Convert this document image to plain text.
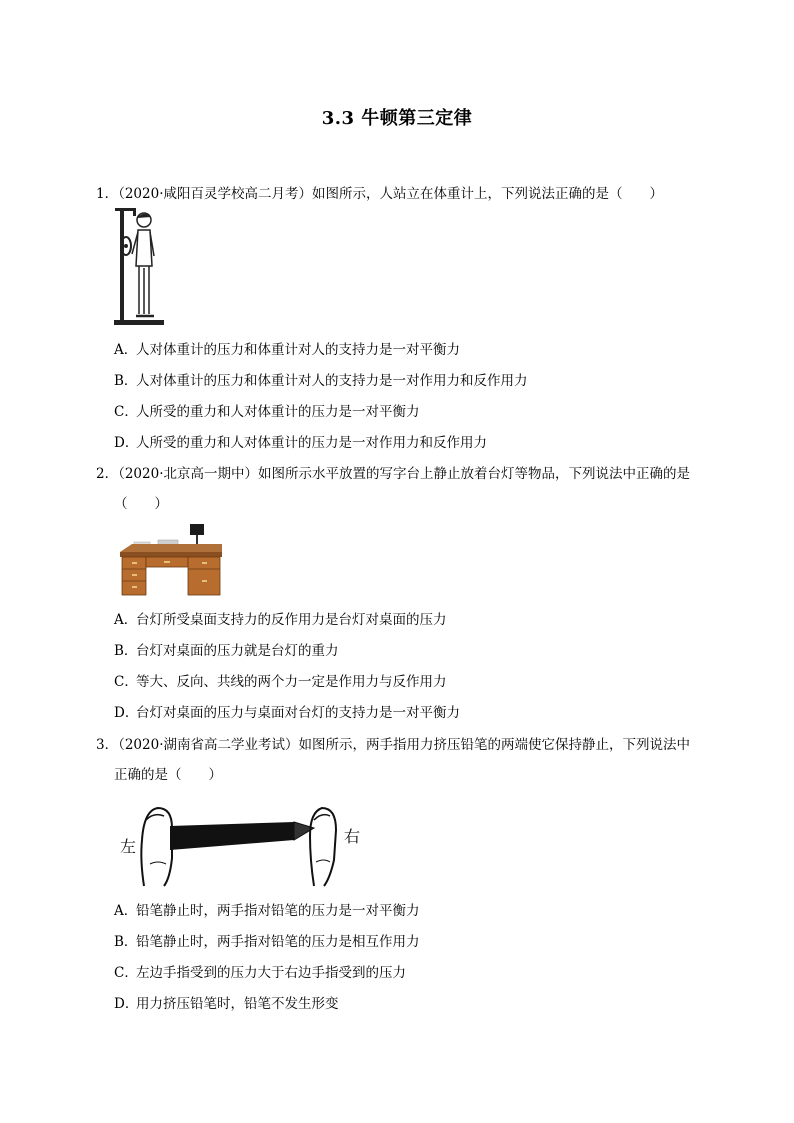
3.3 牛顿第三定律
1．（2020·咸阳百灵学校高二月考）如图所示，人站立在体重计上，下列说法正确的是（　　）
A．人对体重计的压力和体重计对人的支持力是一对平衡力
B．人对体重计的压力和体重计对人的支持力是一对作用力和反作用力
C．人所受的重力和人对体重计的压力是一对平衡力
D．人所受的重力和人对体重计的压力是一对作用力和反作用力
2．（2020·北京高一期中）如图所示水平放置的写字台上静止放着台灯等物品，下列说法中正确的是
（　　）
A．台灯所受桌面支持力的反作用力是台灯对桌面的压力
B．台灯对桌面的压力就是台灯的重力
C．等大、反向、共线的两个力一定是作用力与反作用力
D．台灯对桌面的压力与桌面对台灯的支持力是一对平衡力
3．（2020·湖南省高二学业考试）如图所示，两手指用力挤压铅笔的两端使它保持静止，下列说法中
正确的是（　　）
左
右
A．铅笔静止时，两手指对铅笔的压力是一对平衡力
B．铅笔静止时，两手指对铅笔的压力是相互作用力
C．左边手指受到的压力大于右边手指受到的压力
D．用力挤压铅笔时，铅笔不发生形变
